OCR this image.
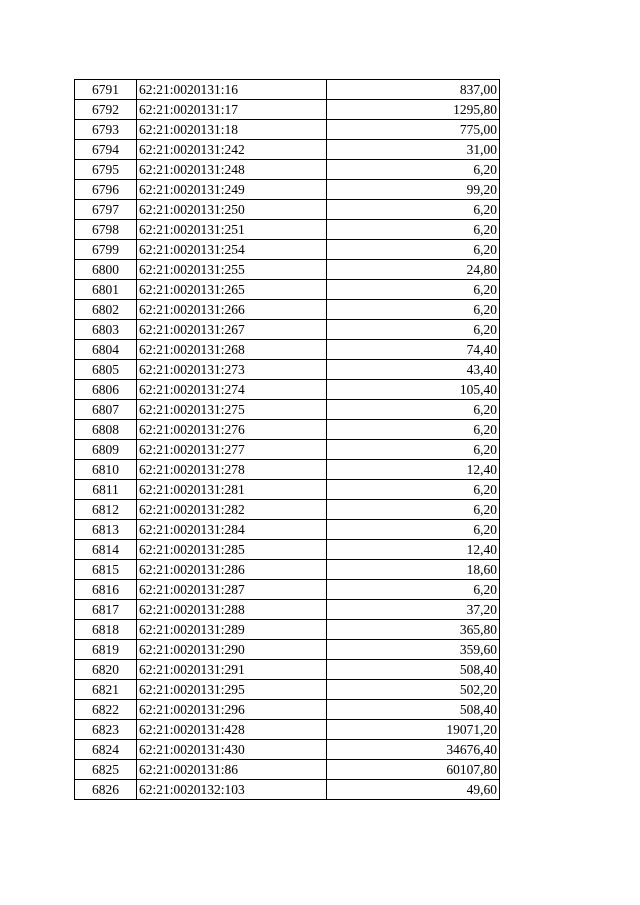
6791	62:21:0020131:16	837,00
6792	62:21:0020131:17	1295,80
6793	62:21:0020131:18	775,00
6794	62:21:0020131:242	31,00
6795	62:21:0020131:248	6,20
6796	62:21:0020131:249	99,20
6797	62:21:0020131:250	6,20
6798	62:21:0020131:251	6,20
6799	62:21:0020131:254	6,20
6800	62:21:0020131:255	24,80
6801	62:21:0020131:265	6,20
6802	62:21:0020131:266	6,20
6803	62:21:0020131:267	6,20
6804	62:21:0020131:268	74,40
6805	62:21:0020131:273	43,40
6806	62:21:0020131:274	105,40
6807	62:21:0020131:275	6,20
6808	62:21:0020131:276	6,20
6809	62:21:0020131:277	6,20
6810	62:21:0020131:278	12,40
6811	62:21:0020131:281	6,20
6812	62:21:0020131:282	6,20
6813	62:21:0020131:284	6,20
6814	62:21:0020131:285	12,40
6815	62:21:0020131:286	18,60
6816	62:21:0020131:287	6,20
6817	62:21:0020131:288	37,20
6818	62:21:0020131:289	365,80
6819	62:21:0020131:290	359,60
6820	62:21:0020131:291	508,40
6821	62:21:0020131:295	502,20
6822	62:21:0020131:296	508,40
6823	62:21:0020131:428	19071,20
6824	62:21:0020131:430	34676,40
6825	62:21:0020131:86	60107,80
6826	62:21:0020132:103	49,60
